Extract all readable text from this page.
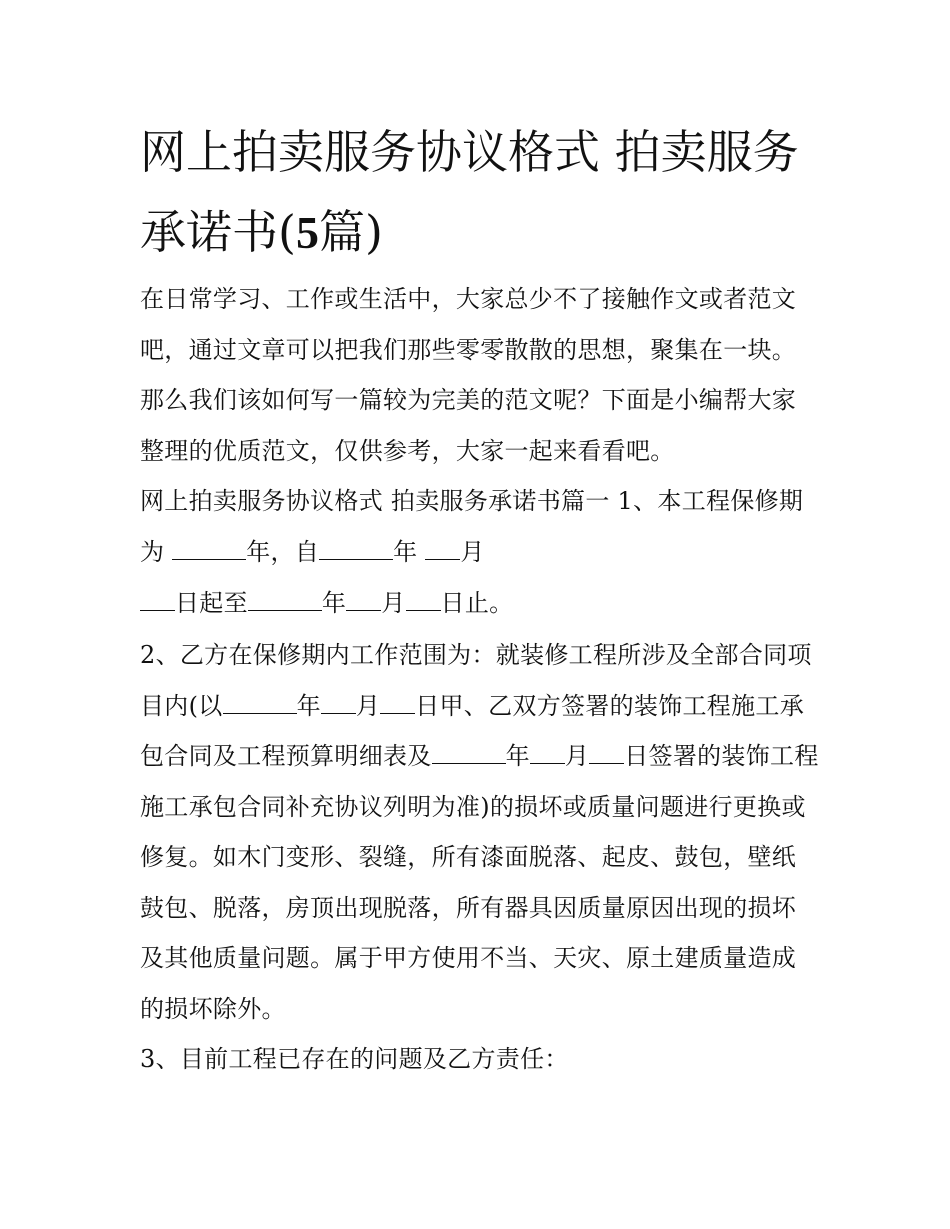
网上拍卖服务协议格式 拍卖服务承诺书(5篇)

在日常学习、工作或生活中，大家总少不了接触作文或者范文吧，通过文章可以把我们那些零零散散的思想，聚集在一块。那么我们该如何写一篇较为完美的范文呢？下面是小编帮大家整理的优质范文，仅供参考，大家一起来看看吧。

网上拍卖服务协议格式 拍卖服务承诺书篇一 1、本工程保修期
为	年，自	年 月

日起至	年 月 日止。

2、乙方在保修期内工作范围为：就装修工程所涉及全部合同项目内(以	年 月 日甲、乙双方签署的装饰工程施工承包合同及工程预算明细表及	年 月 日签署的装饰工程施工承包合同补充协议列明为准)的损坏或质量问题进行更换或修复。如木门变形、裂缝，所有漆面脱落、起皮、鼓包，壁纸鼓包、脱落，房顶出现脱落，所有器具因质量原因出现的损坏及其他质量问题。属于甲方使用不当、天灾、原土建质量造成的损坏除外。

3、目前工程已存在的问题及乙方责任：
